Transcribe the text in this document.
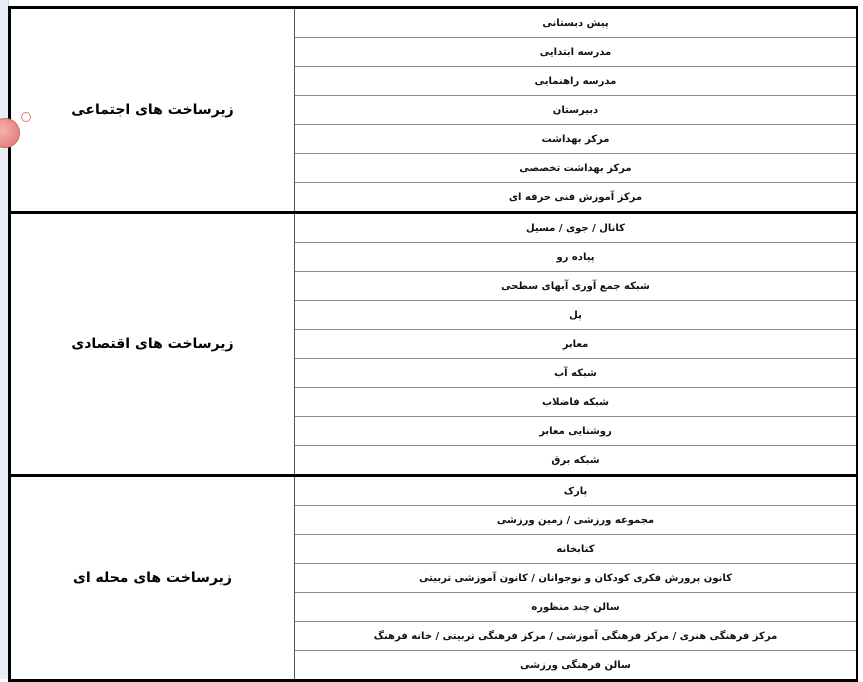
زیرساخت های اجتماعی	پیش دبستانی
	مدرسه ابتدایی
	مدرسه راهنمایی
	دبیرستان
	مرکز بهداشت
	مرکز بهداشت تخصصی
	مرکز آموزش فنی حرفه ای
زیرساخت های اقتصادی	کانال / جوی / مسیل
	پیاده رو
	شبکه جمع آوری آبهای سطحی
	پل
	معابر
	شبکه آب
	شبکه فاضلاب
	روشنایی معابر
	شبکه برق
زیرساخت های محله ای	پارک
	مجموعه ورزشی / زمین ورزشی
	کتابخانه
	کانون پرورش فکری کودکان و نوجوانان / کانون آموزشی تربیتی
	سالن چند منظوره
	مرکز فرهنگی هنری / مرکز فرهنگی آموزشی / مرکز فرهنگی تربیتی / خانه فرهنگ
	سالن فرهنگی ورزشی
